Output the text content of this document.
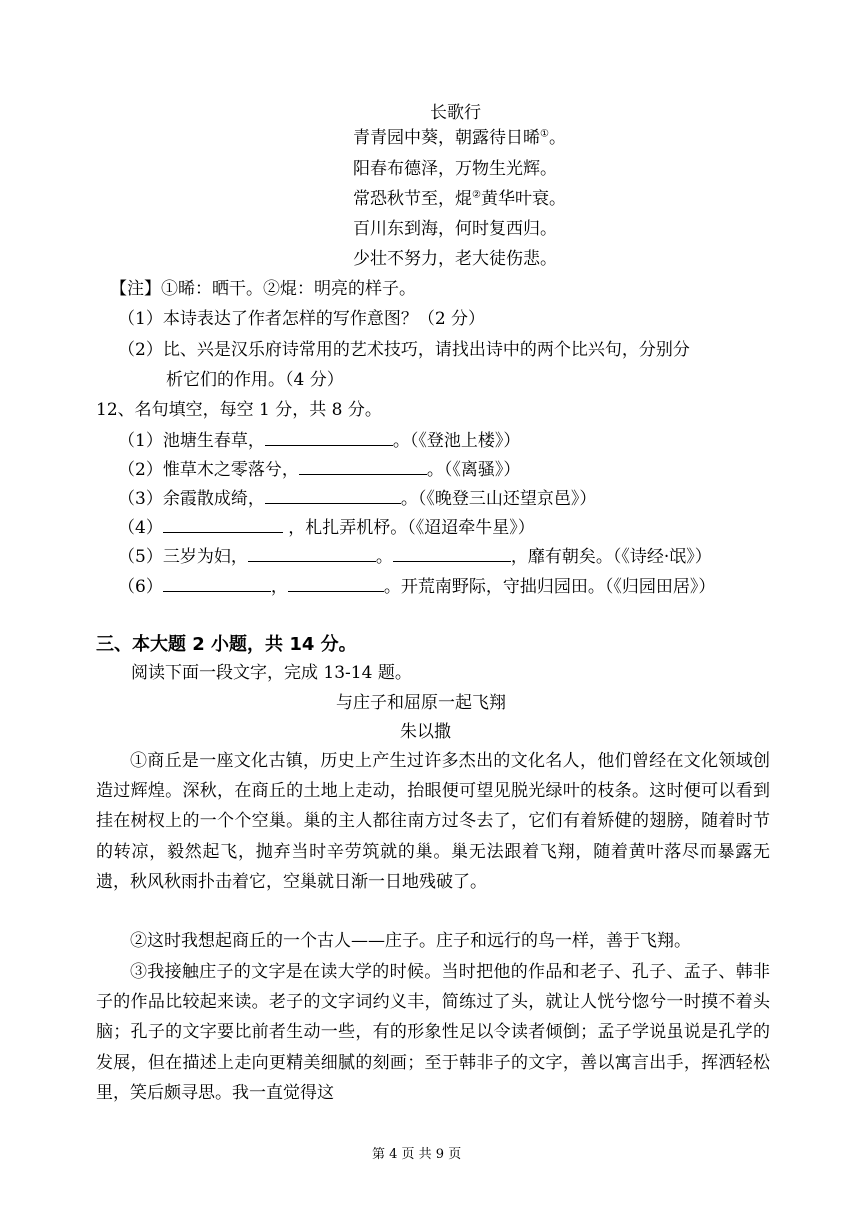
长歌行
青青园中葵，朝露待日晞①。
阳春布德泽，万物生光辉。
常恐秋节至，焜②黄华叶衰。
百川东到海，何时复西归。
少壮不努力，老大徒伤悲。
【注】①晞：晒干。②焜：明亮的样子。
（1）本诗表达了作者怎样的写作意图？（2 分）
（2）比、兴是汉乐府诗常用的艺术技巧，请找出诗中的两个比兴句，分别分
析它们的作用。（4 分）
12、名句填空，每空 1 分，共 8 分。
（1）池塘生春草，	。（《登池上楼》）
（2）惟草木之零落兮，	。（《离骚》）
（3）余霞散成绮，	。（《晚登三山还望京邑》）
（4）	，札扎弄机杼。（《迢迢牵牛星》）
（5）三岁为妇，	。	，靡有朝矣。（《诗经·氓》）
（6）	，	。开荒南野际，守拙归园田。（《归园田居》）
三、本大题 2 小题，共 14 分。
阅读下面一段文字，完成 13-14 题。
与庄子和屈原一起飞翔
朱以撒
①商丘是一座文化古镇，历史上产生过许多杰出的文化名人，他们曾经在文化领域创造过辉煌。深秋，在商丘的土地上走动，抬眼便可望见脱光绿叶的枝条。这时便可以看到挂在树杈上的一个个空巢。巢的主人都往南方过冬去了，它们有着矫健的翅膀，随着时节的转凉，毅然起飞，抛弃当时辛劳筑就的巢。巢无法跟着飞翔，随着黄叶落尽而暴露无遗，秋风秋雨扑击着它，空巢就日渐一日地残破了。
②这时我想起商丘的一个古人——庄子。庄子和远行的鸟一样，善于飞翔。
③我接触庄子的文字是在读大学的时候。当时把他的作品和老子、孔子、孟子、韩非子的作品比较起来读。老子的文字词约义丰，简练过了头，就让人恍兮惚兮一时摸不着头脑；孔子的文字要比前者生动一些，有的形象性足以令读者倾倒；孟子学说虽说是孔学的发展，但在描述上走向更精美细腻的刻画；至于韩非子的文字，善以寓言出手，挥洒轻松里，笑后颇寻思。我一直觉得这
第 4 页 共 9 页
